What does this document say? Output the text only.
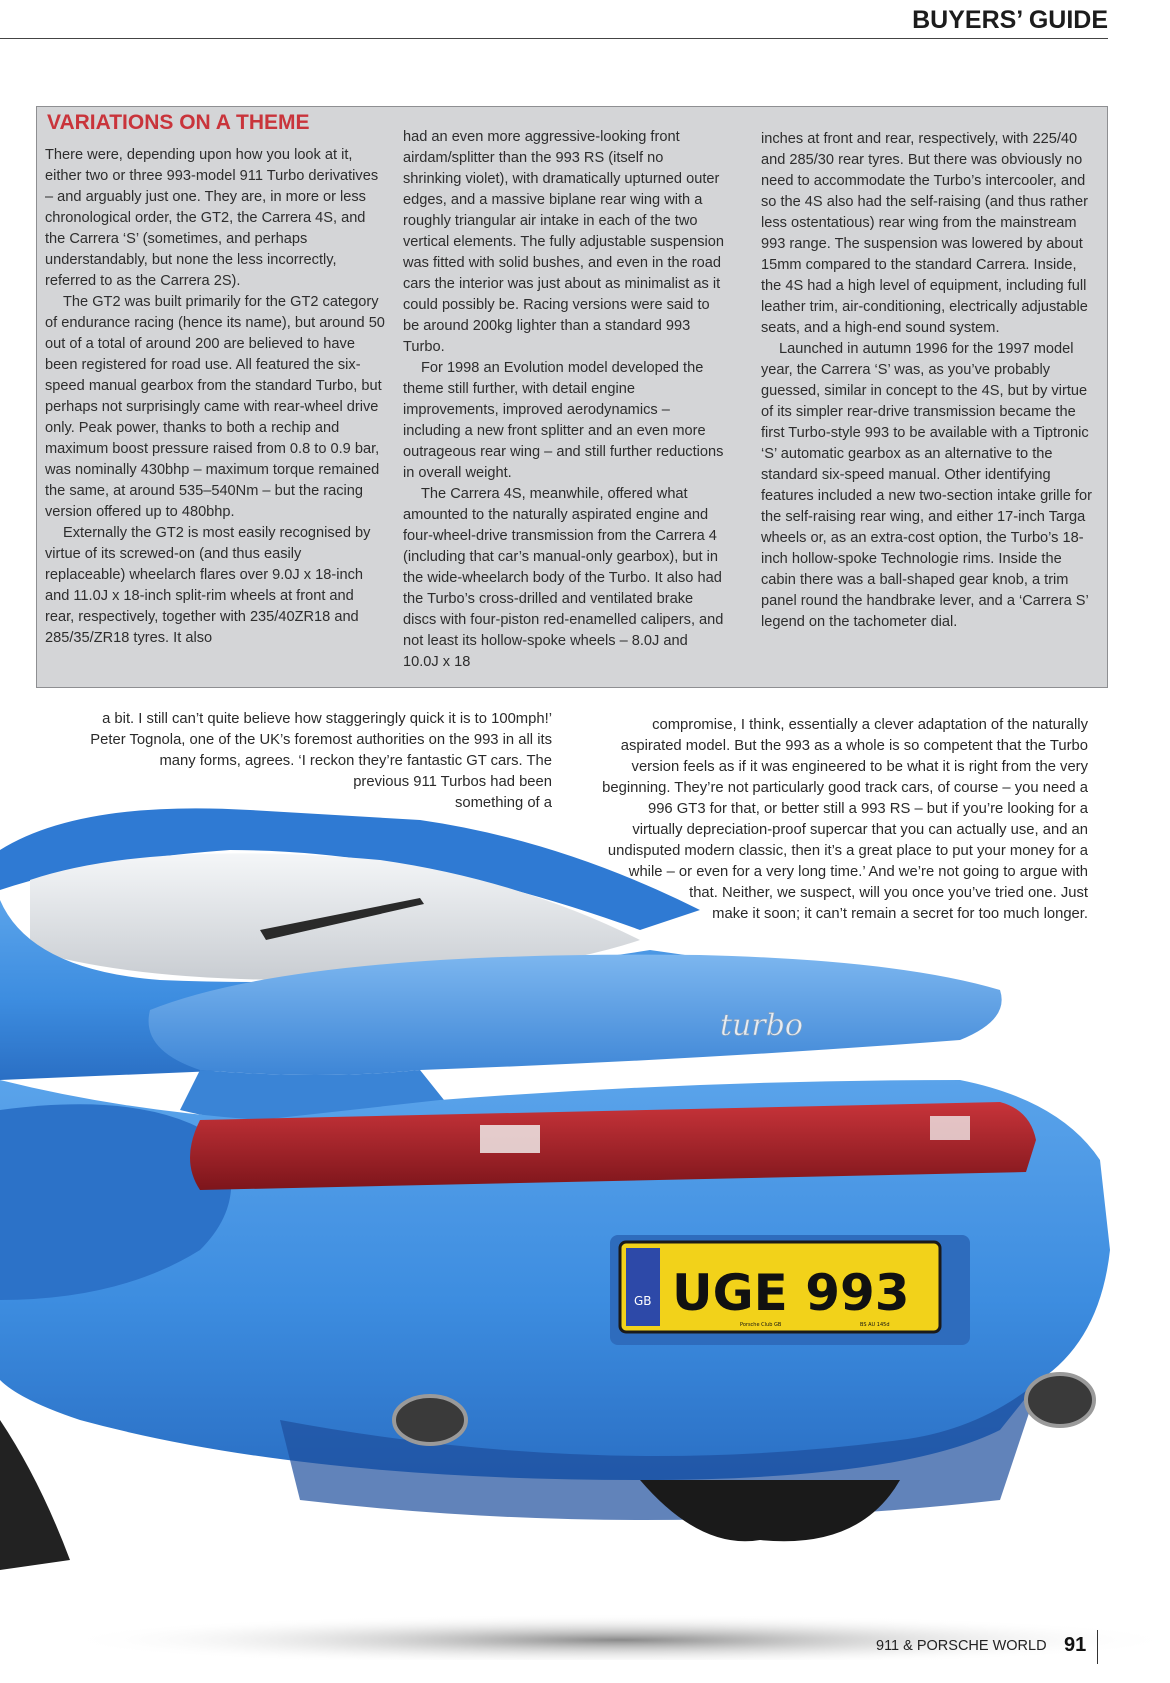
BUYERS’ GUIDE
VARIATIONS ON A THEME

There were, depending upon how you look at it, either two or three 993-model 911 Turbo derivatives – and arguably just one. They are, in more or less chronological order, the GT2, the Carrera 4S, and the Carrera ‘S’ (sometimes, and perhaps understandably, but none the less incorrectly, referred to as the Carrera 2S).

The GT2 was built primarily for the GT2 category of endurance racing (hence its name), but around 50 out of a total of around 200 are believed to have been registered for road use. All featured the six-speed manual gearbox from the standard Turbo, but perhaps not surprisingly came with rear-wheel drive only. Peak power, thanks to both a rechip and maximum boost pressure raised from 0.8 to 0.9 bar, was nominally 430bhp – maximum torque remained the same, at around 535–540Nm – but the racing version offered up to 480bhp.

Externally the GT2 is most easily recognised by virtue of its screwed-on (and thus easily replaceable) wheelarch flares over 9.0J x 18-inch and 11.0J x 18-inch split-rim wheels at front and rear, respectively, together with 235/40ZR18 and 285/35/ZR18 tyres. It also

had an even more aggressive-looking front airdam/splitter than the 993 RS (itself no shrinking violet), with dramatically upturned outer edges, and a massive biplane rear wing with a roughly triangular air intake in each of the two vertical elements. The fully adjustable suspension was fitted with solid bushes, and even in the road cars the interior was just about as minimalist as it could possibly be. Racing versions were said to be around 200kg lighter than a standard 993 Turbo.

For 1998 an Evolution model developed the theme still further, with detail engine improvements, improved aerodynamics – including a new front splitter and an even more outrageous rear wing – and still further reductions in overall weight.

The Carrera 4S, meanwhile, offered what amounted to the naturally aspirated engine and four-wheel-drive transmission from the Carrera 4 (including that car’s manual-only gearbox), but in the wide-wheelarch body of the Turbo. It also had the Turbo’s cross-drilled and ventilated brake discs with four-piston red-enamelled calipers, and not least its hollow-spoke wheels – 8.0J and 10.0J x 18

inches at front and rear, respectively, with 225/40 and 285/30 rear tyres. But there was obviously no need to accommodate the Turbo’s intercooler, and so the 4S also had the self-raising (and thus rather less ostentatious) rear wing from the mainstream 993 range. The suspension was lowered by about 15mm compared to the standard Carrera. Inside, the 4S had a high level of equipment, including full leather trim, air-conditioning, electrically adjustable seats, and a high-end sound system.

Launched in autumn 1996 for the 1997 model year, the Carrera ‘S’ was, as you’ve probably guessed, similar in concept to the 4S, but by virtue of its simpler rear-drive transmission became the first Turbo-style 993 to be available with a Tiptronic ‘S’ automatic gearbox as an alternative to the standard six-speed manual. Other identifying features included a new two-section intake grille for the self-raising rear wing, and either 17-inch Targa wheels or, as an extra-cost option, the Turbo’s 18-inch hollow-spoke Technologie rims. Inside the cabin there was a ball-shaped gear knob, a trim panel round the handbrake lever, and a ‘Carrera S’ legend on the tachometer dial.

turbo
GB UGE 993
Porsche Club GB	BS AU 145d
a bit. I still can’t quite believe how staggeringly quick it is to 100mph!’
Peter Tognola, one of the UK’s foremost authorities on the 993 in all its
many forms, agrees. ‘I reckon they’re fantastic GT cars. The
previous 911 Turbos had been
something of a
compromise, I think, essentially a clever adaptation of the naturally
aspirated model. But the 993 as a whole is so competent that the Turbo
version feels as if it was engineered to be what it is right from the very
beginning. They’re not particularly good track cars, of course – you need a
996 GT3 for that, or better still a 993 RS – but if you’re looking for a
virtually depreciation-proof supercar that you can actually use, and an
undisputed modern classic, then it’s a great place to put your money for a
while – or even for a very long time.’ And we’re not going to argue with
that. Neither, we suspect, will you once you’ve tried one. Just
make it soon; it can’t remain a secret for too much longer.
911 & PORSCHE WORLD 91
